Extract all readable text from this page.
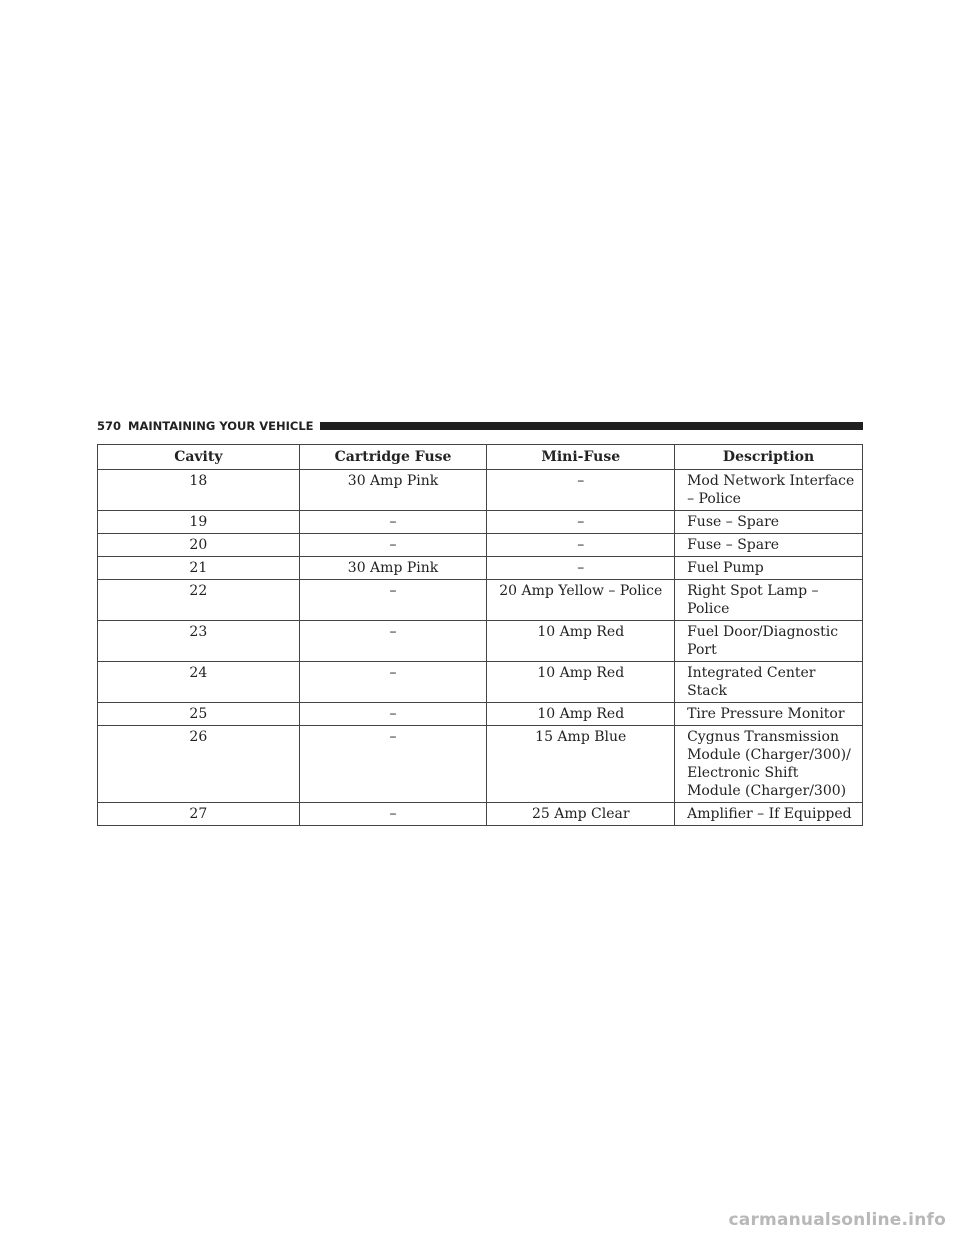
570 MAINTAINING YOUR VEHICLE
Cavity	Cartridge Fuse	Mini-Fuse	Description
18	30 Amp Pink	–	Mod Network Interface – Police
19	–	–	Fuse – Spare
20	–	–	Fuse – Spare
21	30 Amp Pink	–	Fuel Pump
22	–	20 Amp Yellow – Police	Right Spot Lamp – Police
23	–	10 Amp Red	Fuel Door/Diagnostic Port
24	–	10 Amp Red	Integrated Center Stack
25	–	10 Amp Red	Tire Pressure Monitor
26	–	15 Amp Blue	Cygnus Transmission Module (Charger/300)/ Electronic Shift Module (Charger/300)
27	–	25 Amp Clear	Amplifier – If Equipped
carmanualsonline.info
